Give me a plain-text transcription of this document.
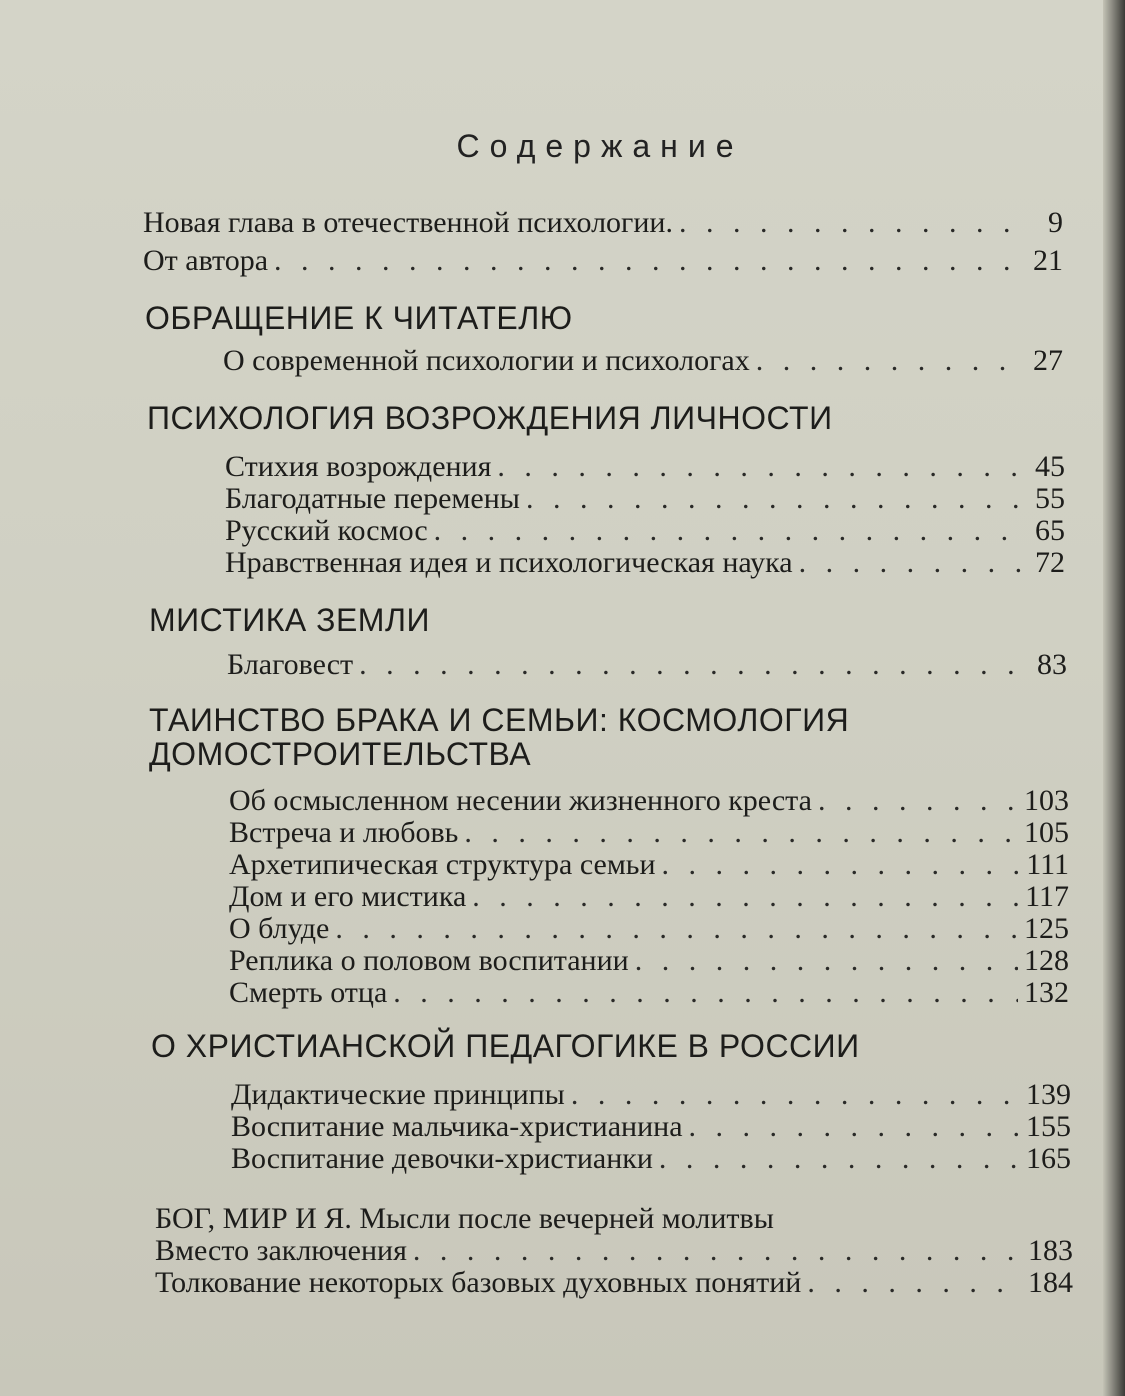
Содержание
Новая глава в отечественной психологии. . . .	9
От автора . . .	21
ОБРАЩЕНИЕ К ЧИТАТЕЛЮ
О современной психологии и психологах . . .	27
ПСИХОЛОГИЯ ВОЗРОЖДЕНИЯ ЛИЧНОСТИ
Стихия возрождения . . .	45
Благодатные перемены . . .	55
Русский космос . . .	65
Нравственная идея и психологическая наука . . .	72
МИСТИКА ЗЕМЛИ
Благовест . . .	83
ТАИНСТВО БРАКА И СЕМЬИ: КОСМОЛОГИЯ
ДОМОСТРОИТЕЛЬСТВА
Об осмысленном несении жизненного креста . . .	103
Встреча и любовь . . .	105
Архетипическая структура семьи . . .	111
Дом и его мистика . . .	117
О блуде . . .	125
Реплика о половом воспитании . . .	128
Смерть отца . . .	132
О ХРИСТИАНСКОЙ ПЕДАГОГИКЕ В РОССИИ
Дидактические принципы . . .	139
Воспитание мальчика-христианина . . .	155
Воспитание девочки-христианки . . .	165
БОГ, МИР И Я. Мысли после вечерней молитвы
Вместо заключения . . .	183
Толкование некоторых базовых духовных понятий . . .	184
